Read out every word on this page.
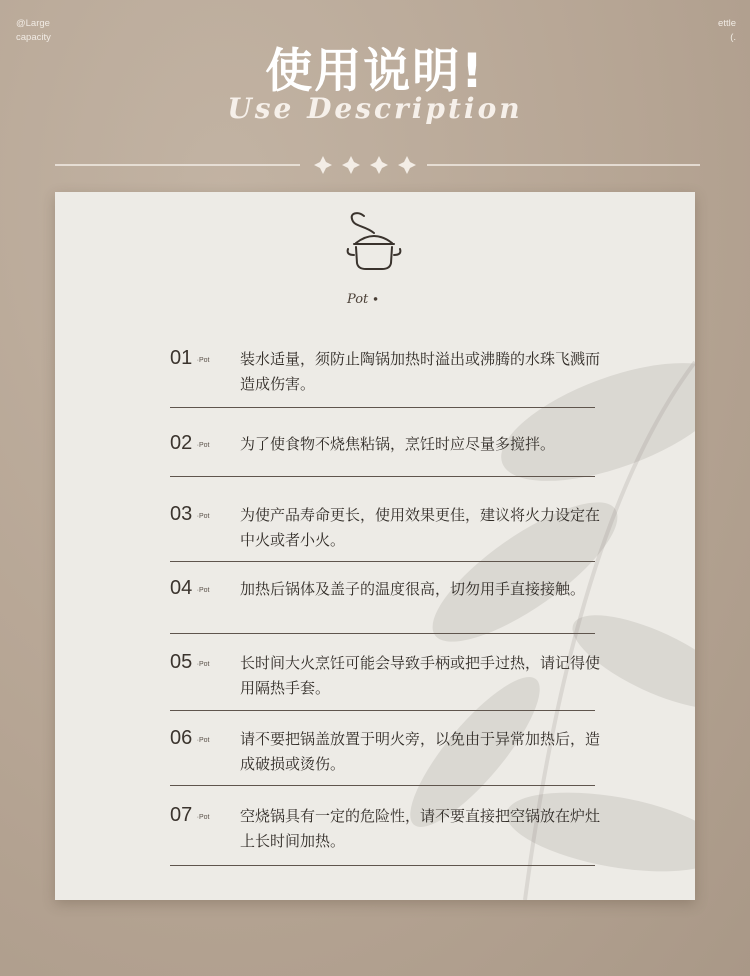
@Large
capacity
ettle
(.
使用说明!
Use Description
Pot ∙
01 ∙Pot 装水适量，须防止陶锅加热时溢出或沸腾的水珠飞溅而造成伤害。
02 ∙Pot 为了使食物不烧焦粘锅，烹饪时应尽量多搅拌。
03 ∙Pot 为使产品寿命更长，使用效果更佳，建议将火力设定在中火或者小火。
04 ∙Pot 加热后锅体及盖子的温度很高，切勿用手直接接触。
05 ∙Pot 长时间大火烹饪可能会导致手柄或把手过热，请记得使用隔热手套。
06 ∙Pot 请不要把锅盖放置于明火旁，以免由于异常加热后，造成破损或烫伤。
07 ∙Pot 空烧锅具有一定的危险性，请不要直接把空锅放在炉灶上长时间加热。
